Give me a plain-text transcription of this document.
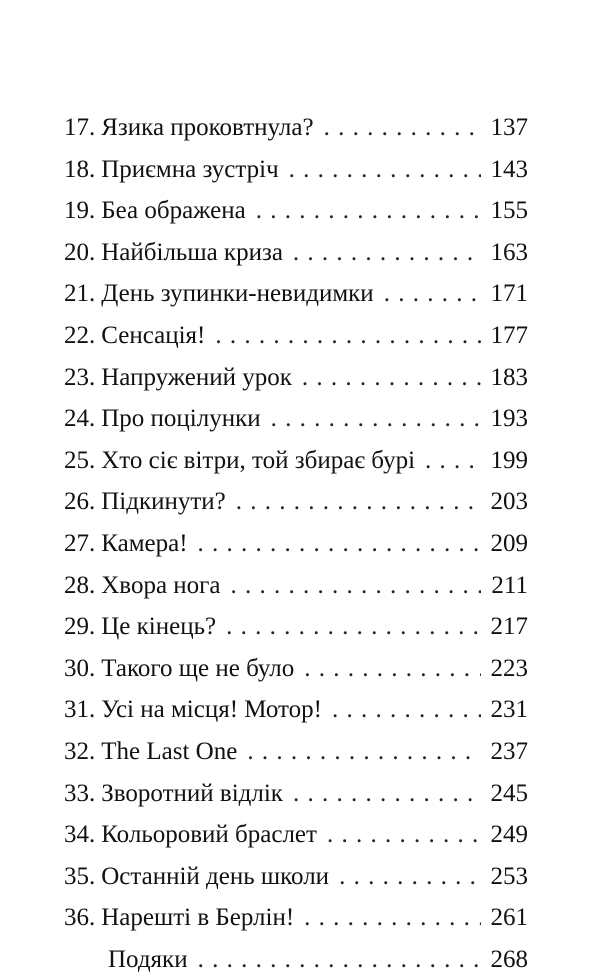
17. Язика проковтнула? . . .	137
18. Приємна зустріч . . .	143
19. Беа ображена . . .	155
20. Найбільша криза . . .	163
21. День зупинки-невидимки . . .	171
22. Сенсація! . . .	177
23. Напружений урок . . .	183
24. Про поцілунки . . .	193
25. Хто сіє вітри, той збирає бурі . . .	199
26. Підкинути? . . .	203
27. Камера! . . .	209
28. Хвора нога . . .	211
29. Це кінець? . . .	217
30. Такого ще не було . . .	223
31. Усі на місця! Мотор! . . .	231
32. The Last One . . .	237
33. Зворотний відлік . . .	245
34. Кольоровий браслет . . .	249
35. Останній день школи . . .	253
36. Нарешті в Берлін! . . .	261
Подяки . . .	268
